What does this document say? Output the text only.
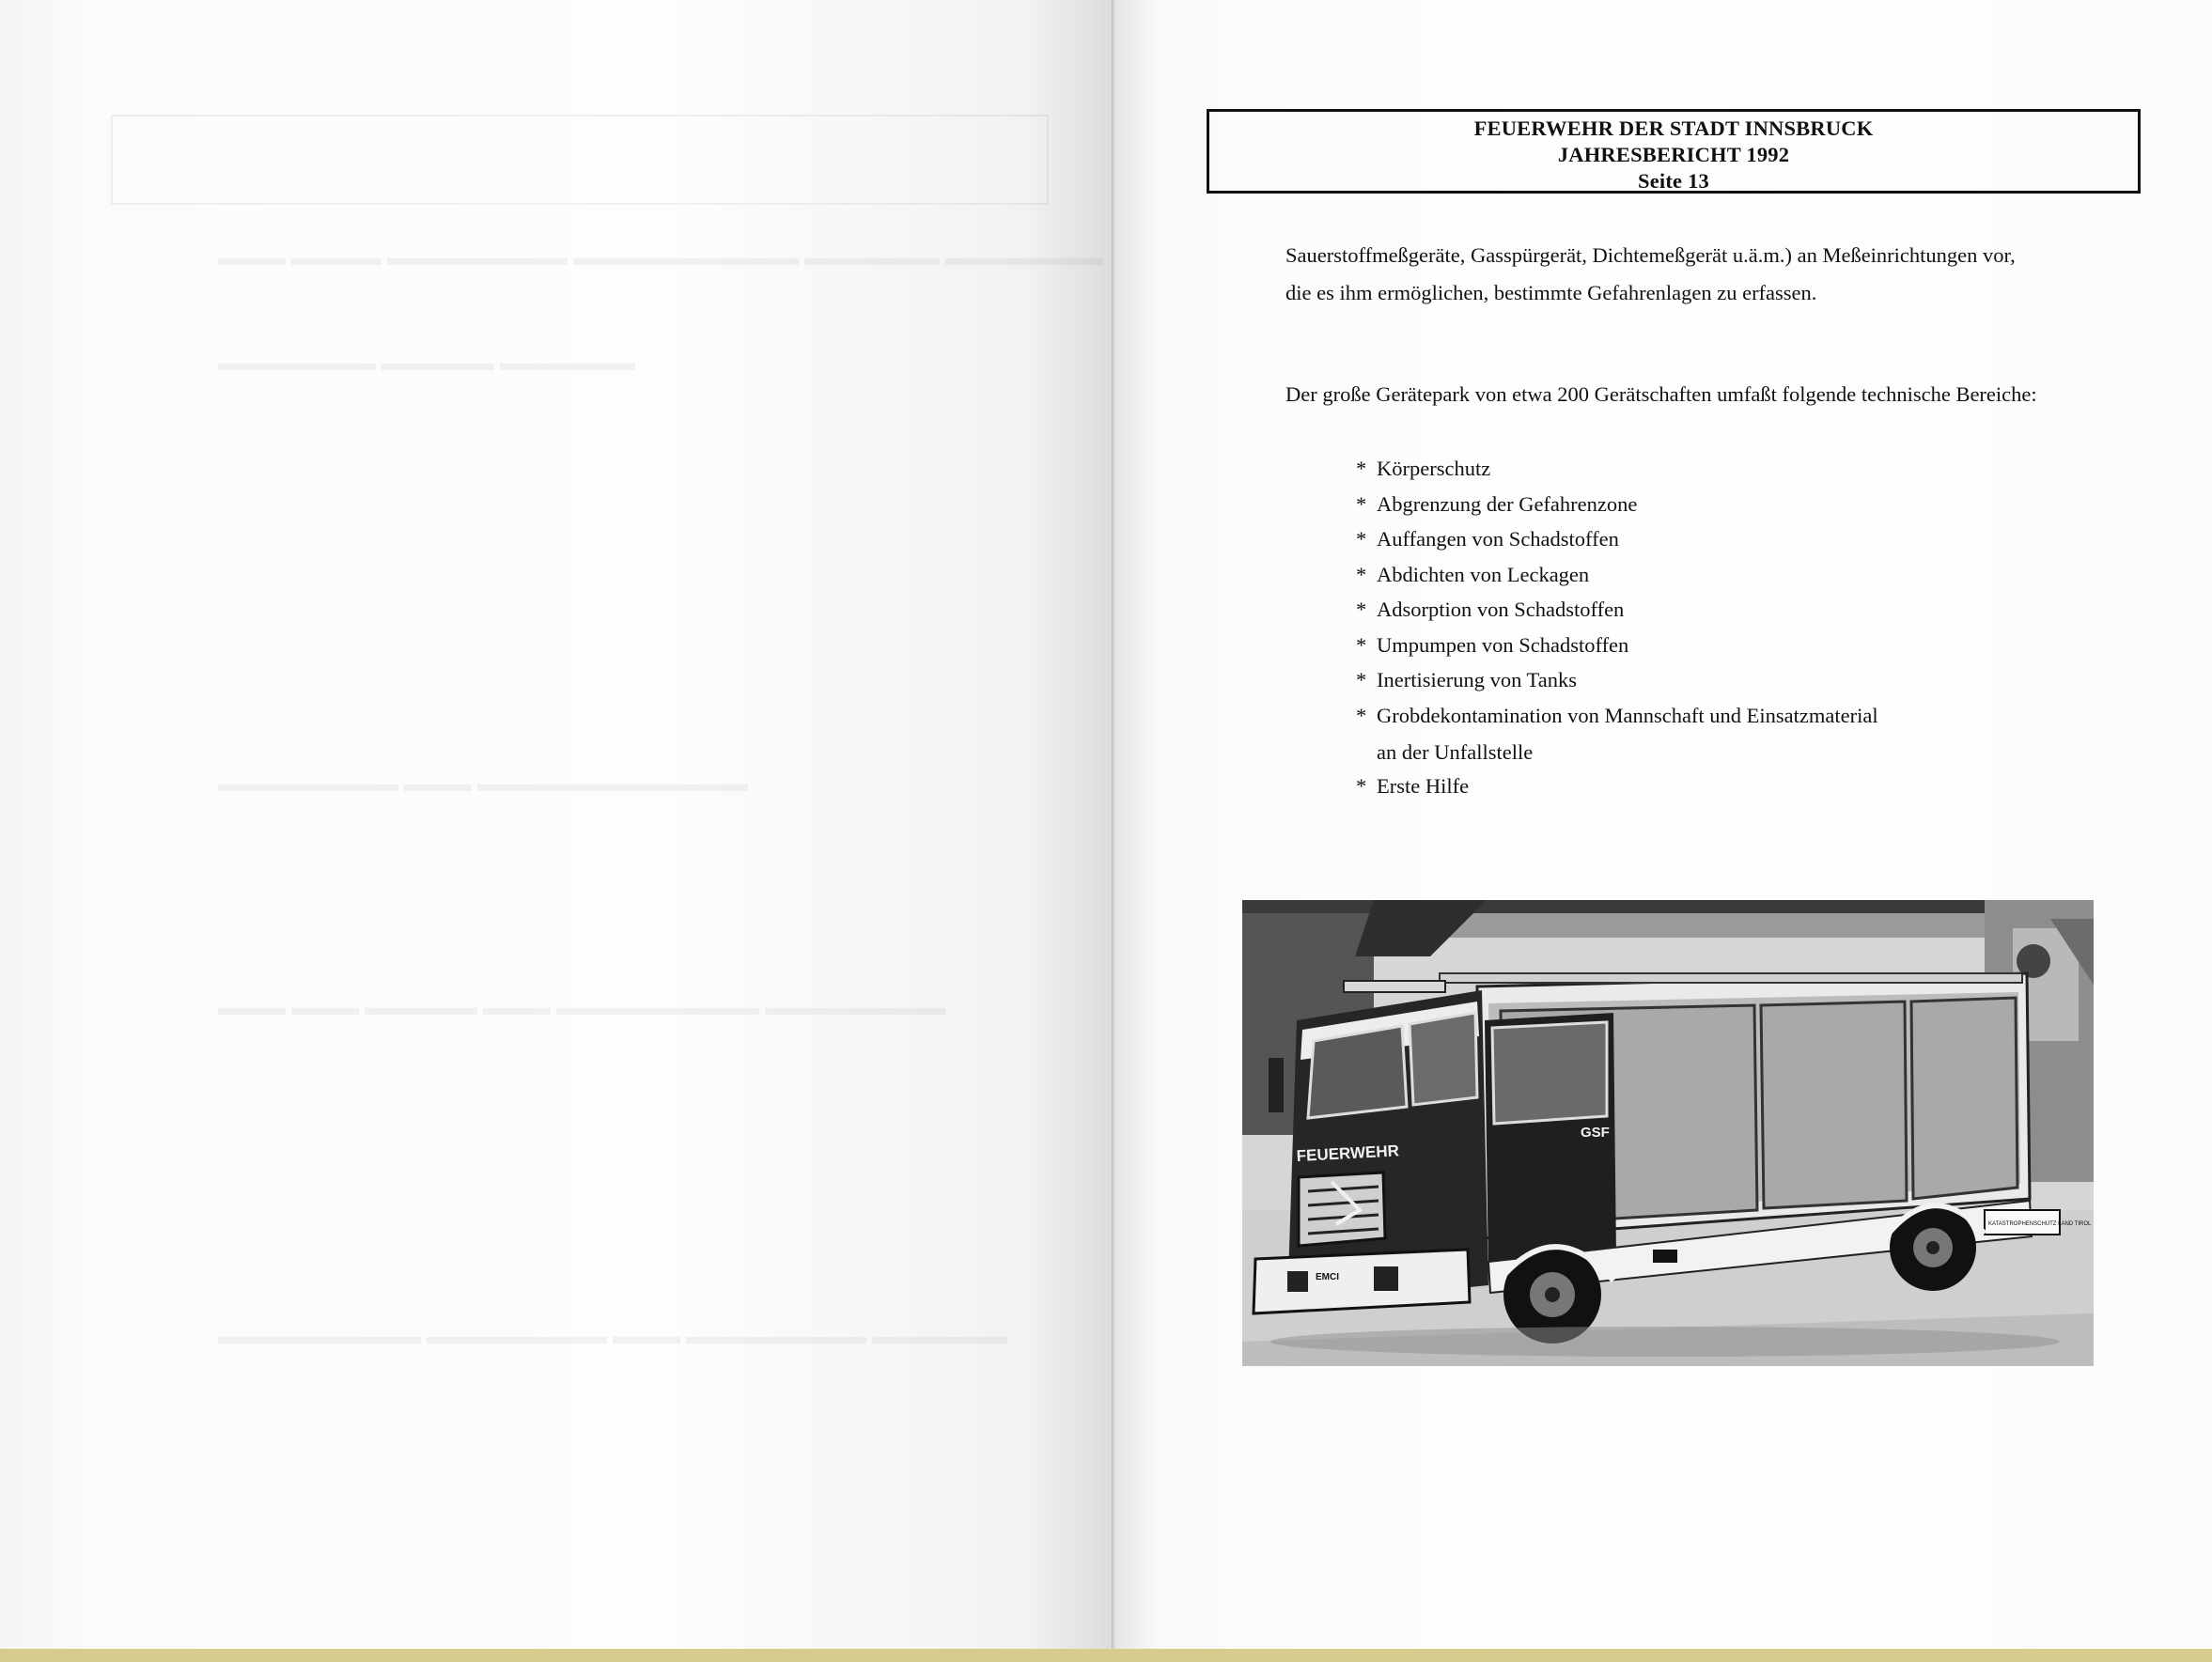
FEUERWEHR DER STADT INNSBRUCK
JAHRESBERICHT 1992
Seite 13
Sauerstoffmeßgeräte, Gasspürgerät, Dichtemeßgerät u.ä.m.) an Meßeinrichtungen vor,
die es ihm ermöglichen, bestimmte Gefahrenlagen zu erfassen.
Der große Gerätepark von etwa 200 Gerätschaften umfaßt folgende technische Bereiche:
* Körperschutz
* Abgrenzung der Gefahrenzone
* Auffangen von Schadstoffen
* Abdichten von Leckagen
* Adsorption von Schadstoffen
* Umpumpen von Schadstoffen
* Inertisierung von Tanks
* Grobdekontamination von Mannschaft und Einsatzmaterial
an der Unfallstelle
* Erste Hilfe
GSF
FEUERWEHR
EMCI
KATASTROPHENSCHUTZ LAND TIROL
